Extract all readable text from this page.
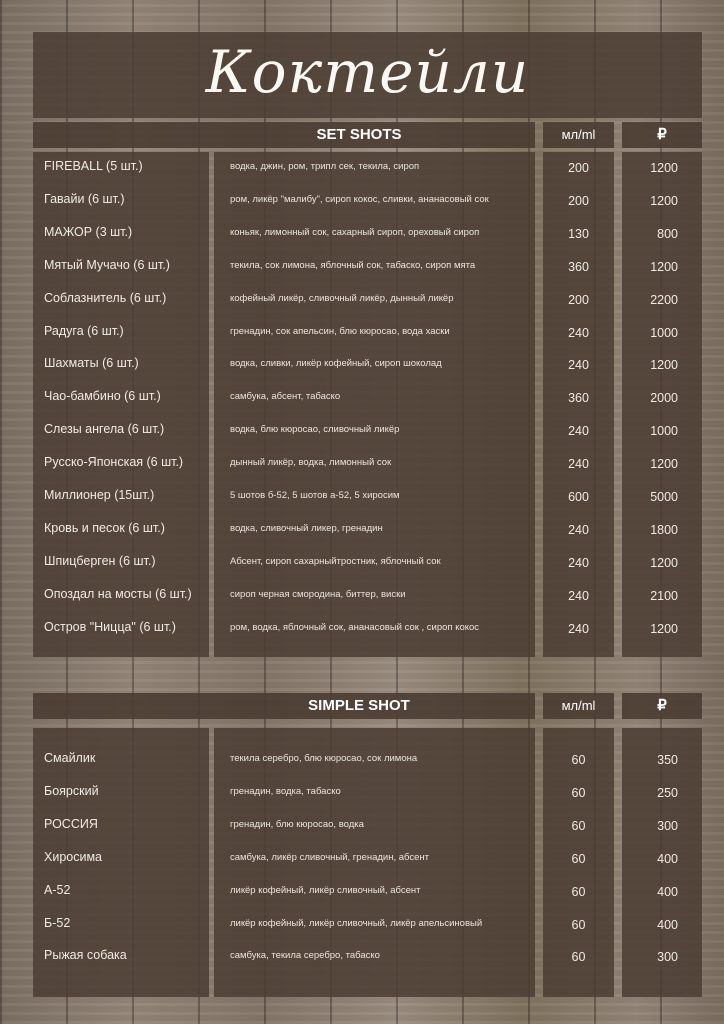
Коктейли
SET SHOTS	мл/ml	₽
FIREBALL (5 шт.)	водка, джин, ром, трипл сек, текила, сироп	200	1200
Гавайи (6 шт.)	ром, ликёр "малибу", сироп кокос, сливки, ананасовый сок	200	1200
МАЖОР (3 шт.)	коньяк, лимонный сок, сахарный сироп, ореховый сироп	130	800
Мятый Мучачо (6 шт.)	текила, сок лимона, яблочный сок, табаско, сироп мята	360	1200
Соблазнитель (6 шт.)	кофейный ликёр, сливочный ликёр, дынный ликёр	200	2200
Радуга (6 шт.)	гренадин, сок апельсин, блю кюросао, вода хаски	240	1000
Шахматы (6 шт.)	водка, сливки, ликёр кофейный, сироп шоколад	240	1200
Чао-бамбино (6 шт.)	самбука, абсент, табаско	360	2000
Слезы ангела (6 шт.)	водка, блю кюросао, сливочный ликёр	240	1000
Русско-Японская (6 шт.)	дынный ликёр, водка, лимонный сок	240	1200
Миллионер (15шт.)	5 шотов б-52, 5 шотов а-52, 5 хиросим	600	5000
Кровь и песок (6 шт.)	водка, сливочный ликер, гренадин	240	1800
Шпицберген (6 шт.)	Абсент, сироп сахарныйтростник, яблочный сок	240	1200
Опоздал на мосты (6 шт.)	сироп черная смородина, биттер, виски	240	2100
Остров "Ницца" (6 шт.)	ром, водка, яблочный сок, ананасовый сок , сироп кокос	240	1200
SIMPLE SHOT	мл/ml	₽
Смайлик	текила серебро, блю кюросао, сок лимона	60	350
Боярский	гренадин, водка, табаско	60	250
РОССИЯ	гренадин, блю кюросао, водка	60	300
Хиросима	самбука, ликёр сливочный, гренадин, абсент	60	400
А-52	ликёр кофейный, ликёр сливочный, абсент	60	400
Б-52	ликёр кофейный, ликёр сливочный, ликёр апельсиновый	60	400
Рыжая собака	самбука, текила серебро, табаско	60	300
